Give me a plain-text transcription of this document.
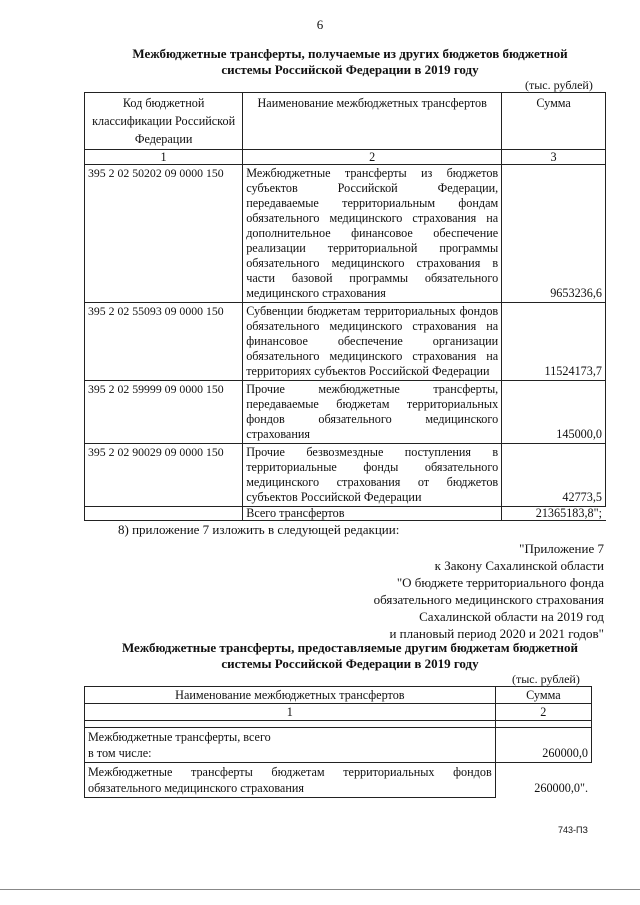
6
Межбюджетные трансферты, получаемые из других бюджетов бюджетной
системы Российской Федерации в 2019 году
(тыс. рублей)
Код бюджетной классификации Российской Федерации	Наименование межбюджетных трансфертов	Сумма
1	2	3
395 2 02 50202 09 0000 150	Межбюджетные трансферты из бюджетов субъектов Российской Федерации, передаваемые территориальным фондам обязательного медицинского страхования на дополнительное финансовое обеспечение реализации территориальной программы обязательного медицинского страхования в части базовой программы обязательного медицинского страхования	9653236,6
395 2 02 55093 09 0000 150	Субвенции бюджетам территориальных фондов обязательного медицинского страхования на финансовое обеспечение организации обязательного медицинского страхования на территориях субъектов Российской Федерации	11524173,7
395 2 02 59999 09 0000 150	Прочие межбюджетные трансферты, передаваемые бюджетам территориальных фондов обязательного медицинского страхования	145000,0
395 2 02 90029 09 0000 150	Прочие безвозмездные поступления в территориальные фонды обязательного медицинского страхования от бюджетов субъектов Российской Федерации	42773,5
	Всего трансфертов	21365183,8";
8) приложение 7 изложить в следующей редакции:
"Приложение 7
к Закону Сахалинской области
"О бюджете территориального фонда
обязательного медицинского страхования
Сахалинской области на 2019 год
и плановый период 2020 и 2021 годов"
Межбюджетные трансферты, предоставляемые другим бюджетам бюджетной
системы Российской Федерации в 2019 году
(тыс. рублей)
Наименование межбюджетных трансфертов	Сумма
1	2

Межбюджетные трансферты, всего
в том числе:	260000,0

Межбюджетные трансферты бюджетам территориальных фондов
обязательного медицинского страхования	260000,0".
743-ПЗ
